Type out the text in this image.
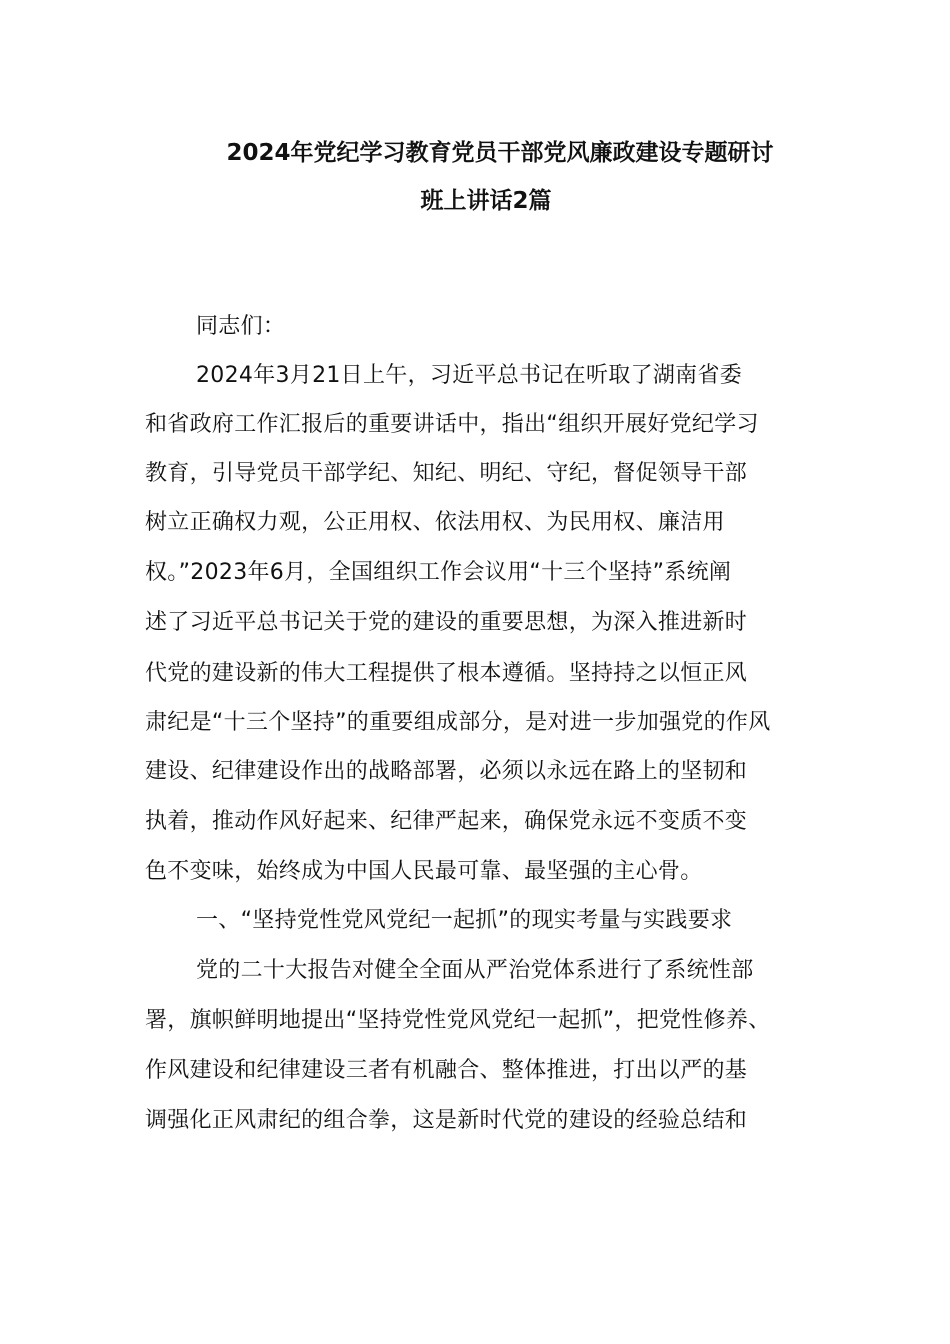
2024年党纪学习教育党员干部党风廉政建设专题研讨
班上讲话2篇
同志们：
2024年3月21日上午，习近平总书记在听取了湖南省委
和省政府工作汇报后的重要讲话中，指出“组织开展好党纪学习
教育，引导党员干部学纪、知纪、明纪、守纪，督促领导干部
树立正确权力观，公正用权、依法用权、为民用权、廉洁用
权。”2023年6月，全国组织工作会议用“十三个坚持”系统阐
述了习近平总书记关于党的建设的重要思想，为深入推进新时
代党的建设新的伟大工程提供了根本遵循。坚持持之以恒正风
肃纪是“十三个坚持”的重要组成部分，是对进一步加强党的作风
建设、纪律建设作出的战略部署，必须以永远在路上的坚韧和
执着，推动作风好起来、纪律严起来，确保党永远不变质不变
色不变味，始终成为中国人民最可靠、最坚强的主心骨。
一、“坚持党性党风党纪一起抓”的现实考量与实践要求
党的二十大报告对健全全面从严治党体系进行了系统性部
署，旗帜鲜明地提出“坚持党性党风党纪一起抓”，把党性修养、
作风建设和纪律建设三者有机融合、整体推进，打出以严的基
调强化正风肃纪的组合拳，这是新时代党的建设的经验总结和
